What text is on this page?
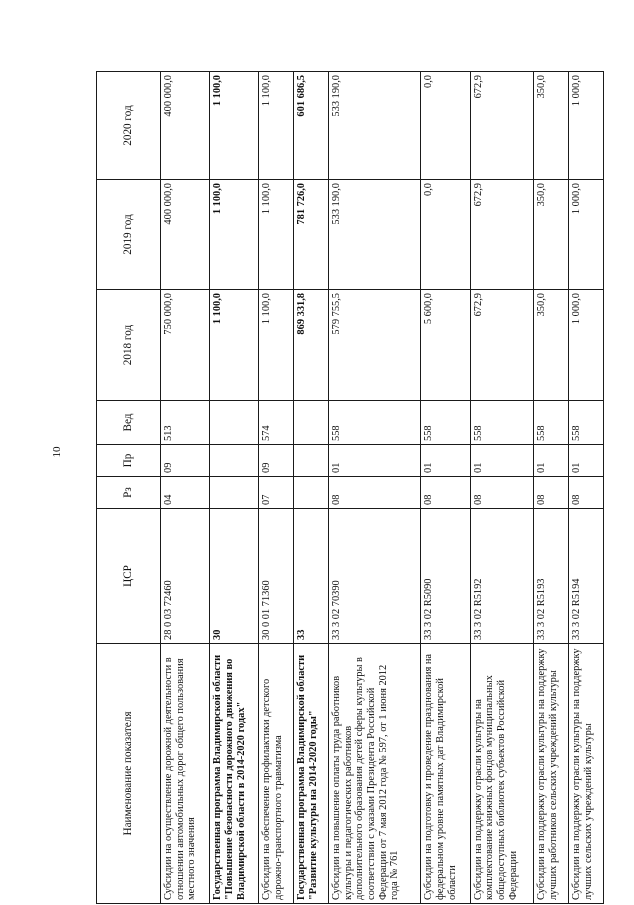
10
Наименование показателя	ЦСР	Рз	Пр	Вед	2018 год	2019 год	2020 год
Субсидии на осуществление дорожной деятельности в отношении автомобильных дорог общего пользования местного значения	28 0 03 72460	04	09	513	750 000,0	400 000,0	400 000,0
Государственная программа Владимирской области "Повышение безопасности дорожного движения во Владимирской области в 2014-2020 годах"	30				1 100,0	1 100,0	1 100,0
Субсидии на обеспечение профилактики детского дорожно-транспортного травматизма	30 0 01 71360	07	09	574	1 100,0	1 100,0	1 100,0
Государственная программа Владимирской области "Развитие культуры на 2014-2020 годы"	33				869 331,8	781 726,0	601 686,5
Субсидии на повышение оплаты труда работников культуры и педагогических работников дополнительного образования детей сферы культуры в соответствии с указами Президента Российской Федерации от 7 мая 2012 года № 597, от 1 июня 2012 года № 761	33 3 02 70390	08	01	558	579 755,5	533 190,0	533 190,0
Субсидии на подготовку и проведение празднования на федеральном уровне памятных дат Владимирской области	33 3 02 R5090	08	01	558	5 600,0	0,0	0,0
Субсидии на поддержку отрасли культуры на комплектование книжных фондов муниципальных общедоступных библиотек субъектов Российской Федерации	33 3 02 R5192	08	01	558	672,9	672,9	672,9
Субсидии на поддержку отрасли культуры на поддержку лучших работников сельских учреждений культуры	33 3 02 R5193	08	01	558	350,0	350,0	350,0
Субсидии на поддержку отрасли культуры на поддержку лучших сельских учреждений культуры	33 3 02 R5194	08	01	558	1 000,0	1 000,0	1 000,0
